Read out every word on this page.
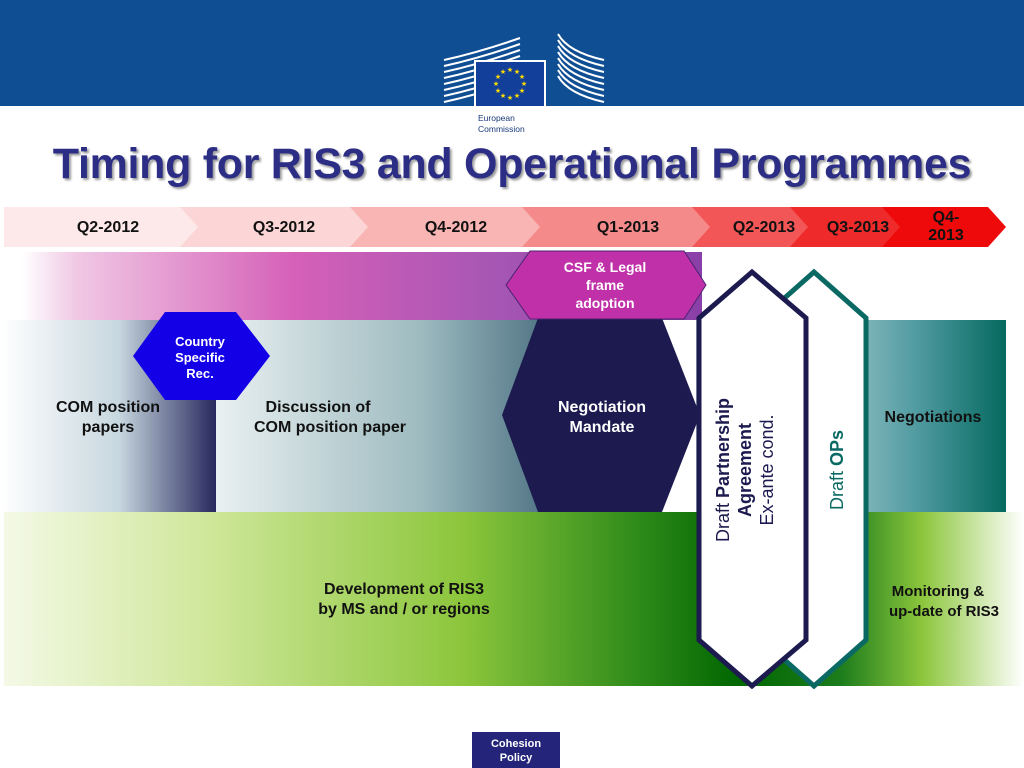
★ ★
★
★
★
★
★
★
★
★
★
★
European
Commission
Timing for RIS3 and Operational Programmes
Q2-2012	Q3-2012	Q4-2012	Q1-2013	Q2-2013 Q3-2013
Q4-
2013
CSF & Legal
frame
adoption
Country
Specific
Rec.
COM position
papers
Discussion of
COM position paper
Negotiation
Mandate
Negotiations
Development of RIS3
by MS and / or regions
Monitoring &
up-date of RIS3
Draft Partnership Agreement Ex-ante cond.	Draft OPs
Cohesion
Policy
